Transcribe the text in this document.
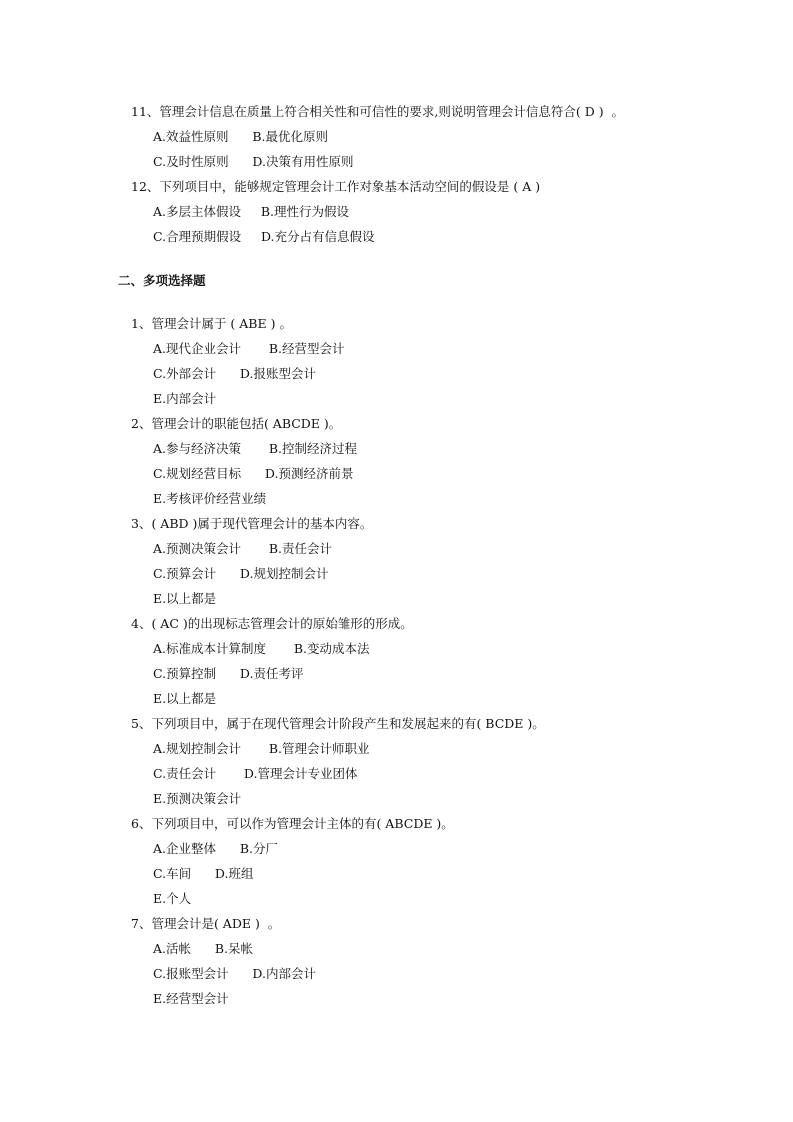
11、管理会计信息在质量上符合相关性和可信性的要求,则说明管理会计信息符合( D )  。
A.效益性原则      B.最优化原则
C.及时性原则      D.决策有用性原则
12、下列项目中，能够规定管理会计工作对象基本活动空间的假设是 ( A )
A.多层主体假设     B.理性行为假设
C.合理预期假设     D.充分占有信息假设
二、多项选择题
1、管理会计属于 ( ABE ) 。
A.现代企业会计       B.经营型会计
C.外部会计      D.报账型会计
E.内部会计
2、管理会计的职能包括( ABCDE )。
A.参与经济决策       B.控制经济过程
C.规划经营目标      D.预测经济前景
E.考核评价经营业绩
3、( ABD )属于现代管理会计的基本内容。
A.预测决策会计       B.责任会计
C.预算会计      D.规划控制会计
E.以上都是
4、( AC )的出现标志管理会计的原始雏形的形成。
A.标准成本计算制度       B.变动成本法
C.预算控制      D.责任考评
E.以上都是
5、下列项目中，属于在现代管理会计阶段产生和发展起来的有( BCDE )。
A.规划控制会计       B.管理会计师职业
C.责任会计       D.管理会计专业团体
E.预测决策会计
6、下列项目中，可以作为管理会计主体的有( ABCDE )。
A.企业整体      B.分厂
C.车间      D.班组
E.个人
7、管理会计是( ADE )  。
A.活帐      B.呆帐
C.报账型会计      D.内部会计
E.经营型会计
